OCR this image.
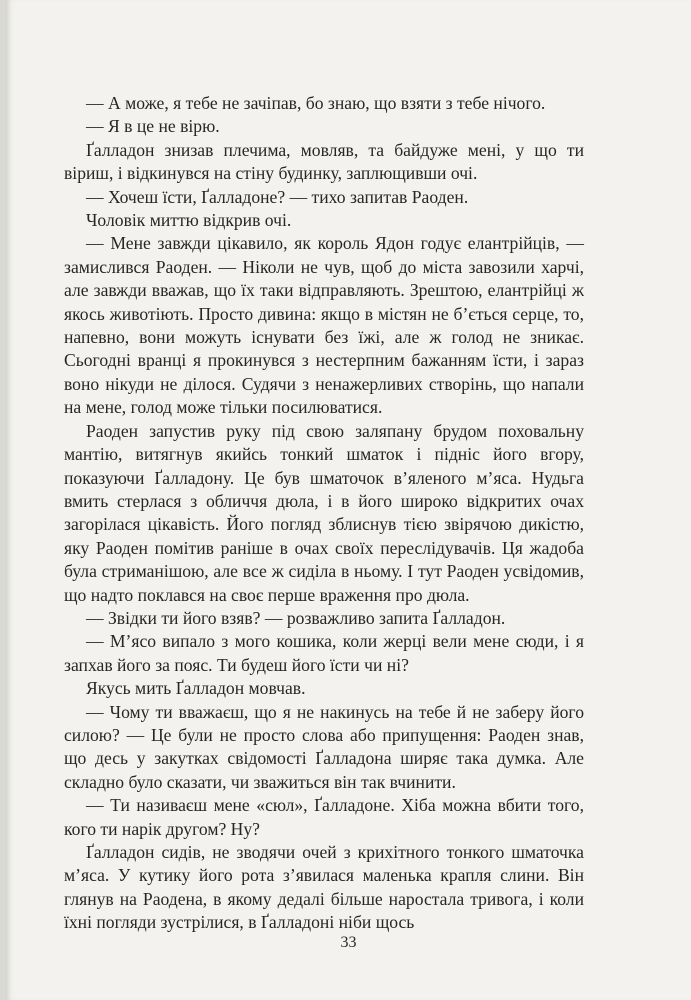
— А може, я тебе не зачіпав, бо знаю, що взяти з тебе нічого.

— Я в це не вірю.

Ґалладон знизав плечима, мовляв, та байдуже мені, у що ти віриш, і відкинувся на стіну будинку, заплющивши очі.

— Хочеш їсти, Ґалладоне? — тихо запитав Раоден.

Чоловік миттю відкрив очі.

— Мене завжди цікавило, як король Ядон годує елантрійців, — замислився Раоден. — Ніколи не чув, щоб до міста завозили харчі, але завжди вважав, що їх таки відправляють. Зрештою, елантрійці ж якось животіють. Просто дивина: якщо в містян не б’ється серце, то, напевно, вони можуть існувати без їжі, але ж голод не зникає. Сьогодні вранці я прокинувся з нестерпним бажанням їсти, і зараз воно нікуди не ділося. Судячи з ненажерливих створінь, що напали на мене, голод може тільки посилюватися.

Раоден запустив руку під свою заляпану брудом поховальну мантію, витягнув якийсь тонкий шматок і підніс його вгору, показуючи Ґалладону. Це був шматочок в’яленого м’яса. Нудьга вмить стерлася з обличчя дюла, і в його широко відкритих очах загорілася цікавість. Його погляд зблиснув тією звірячою дикістю, яку Раоден помітив раніше в очах своїх переслідувачів. Ця жадоба була стриманішою, але все ж сиділа в ньому. І тут Раоден усвідомив, що надто поклався на своє перше враження про дюла.

— Звідки ти його взяв? — розважливо запита Ґалладон.

— М’ясо випало з мого кошика, коли жерці вели мене сюди, і я запхав його за пояс. Ти будеш його їсти чи ні?

Якусь мить Ґалладон мовчав.

— Чому ти вважаєш, що я не накинусь на тебе й не заберу його силою? — Це були не просто слова або припущення: Раоден знав, що десь у закутках свідомості Ґалладона ширяє така думка. Але складно було сказати, чи зважиться він так вчинити.

— Ти називаєш мене «сюл», Ґалладоне. Хіба можна вбити того, кого ти нарік другом? Ну?

Ґалладон сидів, не зводячи очей з крихітного тонкого шматочка м’яса. У кутику його рота з’явилася маленька крапля слини. Він глянув на Раодена, в якому дедалі більше наростала тривога, і коли їхні погляди зустрілися, в Ґалладоні ніби щось

33
